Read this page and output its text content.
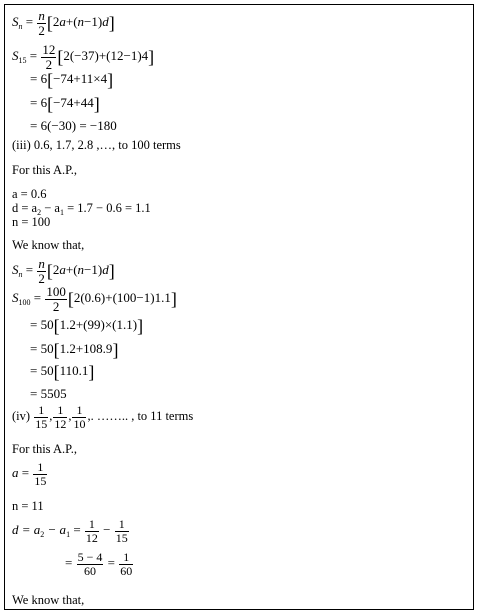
$S_n = \frac{n}{2} [2a+(n-1)d]$
$S_{15} = \frac{12}{2} [2(-37)+(12-1)4]$
= 6[−74+11×4]
= 6[−74+44]
= 6(−30) = −180
(iii) 0.6, 1.7, 2.8 ,…, to 100 terms
For this A.P.,
a = 0.6
$d = a_2 - a_1 = 1.7 - 0.6 = 1.1$
n = 100
We know that,
$S_n = \frac{n}{2} [2a+(n-1)d]$
$S_{100} = \frac{100}{2} [2(0.6)+(100-1)1.1]$
= 50[1.2+(99)×(1.1)]
= 50[1.2+108.9]
= 50[110.1]
= 5505
$(iv) \frac{1}{15}$ , $\frac{1}{12}$ , $\frac{1}{10}$ ,. …….. , to 11 terms
For this A.P.,
$a = \frac{1}{15}$
n = 11
$d = a_2 - a_1 = \frac{1}{12} - \frac{1}{15}$
= $\frac{5 - 4}{60} = \frac{1}{60}$
We know that,
